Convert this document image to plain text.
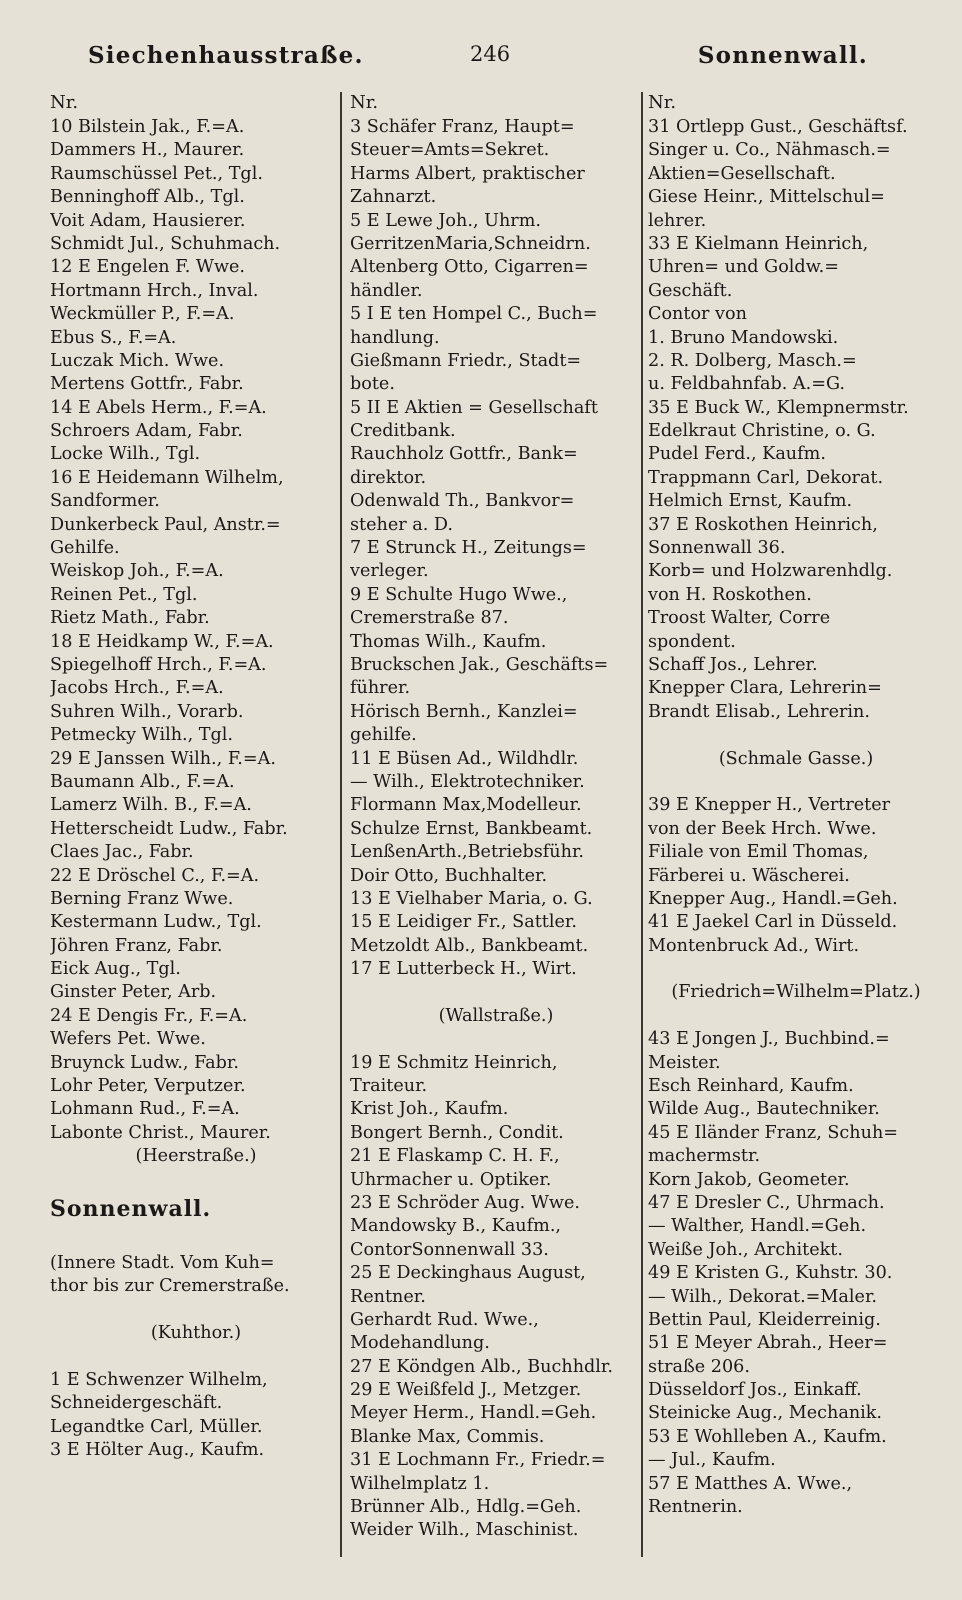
Siechenhausstraße.	246	Sonnenwall.
Nr.
10 Bilstein Jak., F.=A.
Dammers H., Maurer.
Raumschüssel Pet., Tgl.
Benninghoff Alb., Tgl.
Voit Adam, Hausierer.
Schmidt Jul., Schuhmach.
12 E Engelen F. Wwe.
Hortmann Hrch., Inval.
Weckmüller P., F.=A.
Ebus S., F.=A.
Luczak Mich. Wwe.
Mertens Gottfr., Fabr.
14 E Abels Herm., F.=A.
Schroers Adam, Fabr.
Locke Wilh., Tgl.
16 E Heidemann Wilhelm,
Sandformer.
Dunkerbeck Paul, Anstr.=
Gehilfe.
Weiskop Joh., F.=A.
Reinen Pet., Tgl.
Rietz Math., Fabr.
18 E Heidkamp W., F.=A.
Spiegelhoff Hrch., F.=A.
Jacobs Hrch., F.=A.
Suhren Wilh., Vorarb.
Petmecky Wilh., Tgl.
29 E Janssen Wilh., F.=A.
Baumann Alb., F.=A.
Lamerz Wilh. B., F.=A.
Hetterscheidt Ludw., Fabr.
Claes Jac., Fabr.
22 E Dröschel C., F.=A.
Berning Franz Wwe.
Kestermann Ludw., Tgl.
Jöhren Franz, Fabr.
Eick Aug., Tgl.
Ginster Peter, Arb.
24 E Dengis Fr., F.=A.
Wefers Pet. Wwe.
Bruynck Ludw., Fabr.
Lohr Peter, Verputzer.
Lohmann Rud., F.=A.
Labonte Christ., Maurer.
(Heerstraße.)
Sonnenwall.
(Innere Stadt. Vom Kuh=
thor bis zur Cremerstraße.
(Kuhthor.)
1 E Schwenzer Wilhelm,
Schneidergeschäft.
Legandtke Carl, Müller.
3 E Hölter Aug., Kaufm.
Nr.
3 Schäfer Franz, Haupt=
Steuer=Amts=Sekret.
Harms Albert, praktischer
Zahnarzt.
5 E Lewe Joh., Uhrm.
GerritzenMaria,Schneidrn.
Altenberg Otto, Cigarren=
händler.
5 I E ten Hompel C., Buch=
handlung.
Gießmann Friedr., Stadt=
bote.
5 II E Aktien = Gesellschaft
Creditbank.
Rauchholz Gottfr., Bank=
direktor.
Odenwald Th., Bankvor=
steher a. D.
7 E Strunck H., Zeitungs=
verleger.
9 E Schulte Hugo Wwe.,
Cremerstraße 87.
Thomas Wilh., Kaufm.
Bruckschen Jak., Geschäfts=
führer.
Hörisch Bernh., Kanzlei=
gehilfe.
11 E Büsen Ad., Wildhdlr.
— Wilh., Elektrotechniker.
Flormann Max,Modelleur.
Schulze Ernst, Bankbeamt.
LenßenArth.,Betriebsführ.
Doir Otto, Buchhalter.
13 E Vielhaber Maria, o. G.
15 E Leidiger Fr., Sattler.
Metzoldt Alb., Bankbeamt.
17 E Lutterbeck H., Wirt.
(Wallstraße.)
19 E Schmitz Heinrich,
Traiteur.
Krist Joh., Kaufm.
Bongert Bernh., Condit.
21 E Flaskamp C. H. F.,
Uhrmacher u. Optiker.
23 E Schröder Aug. Wwe.
Mandowsky B., Kaufm.,
ContorSonnenwall 33.
25 E Deckinghaus August,
Rentner.
Gerhardt Rud. Wwe.,
Modehandlung.
27 E Köndgen Alb., Buchhdlr.
29 E Weißfeld J., Metzger.
Meyer Herm., Handl.=Geh.
Blanke Max, Commis.
31 E Lochmann Fr., Friedr.=
Wilhelmplatz 1.
Brünner Alb., Hdlg.=Geh.
Weider Wilh., Maschinist.
Nr.
31 Ortlepp Gust., Geschäftsf.
Singer u. Co., Nähmasch.=
Aktien=Gesellschaft.
Giese Heinr., Mittelschul=
lehrer.
33 E Kielmann Heinrich,
Uhren= und Goldw.=
Geschäft.
Contor von
1. Bruno Mandowski.
2. R. Dolberg, Masch.=
u. Feldbahnfab. A.=G.
35 E Buck W., Klempnermstr.
Edelkraut Christine, o. G.
Pudel Ferd., Kaufm.
Trappmann Carl, Dekorat.
Helmich Ernst, Kaufm.
37 E Roskothen Heinrich,
Sonnenwall 36.
Korb= und Holzwarenhdlg.
von H. Roskothen.
Troost Walter, Corre
spondent.
Schaff Jos., Lehrer.
Knepper Clara, Lehrerin=
Brandt Elisab., Lehrerin.
(Schmale Gasse.)
39 E Knepper H., Vertreter
von der Beek Hrch. Wwe.
Filiale von Emil Thomas,
Färberei u. Wäscherei.
Knepper Aug., Handl.=Geh.
41 E Jaekel Carl in Düsseld.
Montenbruck Ad., Wirt.
(Friedrich=Wilhelm=Platz.)
43 E Jongen J., Buchbind.=
Meister.
Esch Reinhard, Kaufm.
Wilde Aug., Bautechniker.
45 E Iländer Franz, Schuh=
machermstr.
Korn Jakob, Geometer.
47 E Dresler C., Uhrmach.
— Walther, Handl.=Geh.
Weiße Joh., Architekt.
49 E Kristen G., Kuhstr. 30.
— Wilh., Dekorat.=Maler.
Bettin Paul, Kleiderreinig.
51 E Meyer Abrah., Heer=
straße 206.
Düsseldorf Jos., Einkaff.
Steinicke Aug., Mechanik.
53 E Wohlleben A., Kaufm.
— Jul., Kaufm.
57 E Matthes A. Wwe.,
Rentnerin.
